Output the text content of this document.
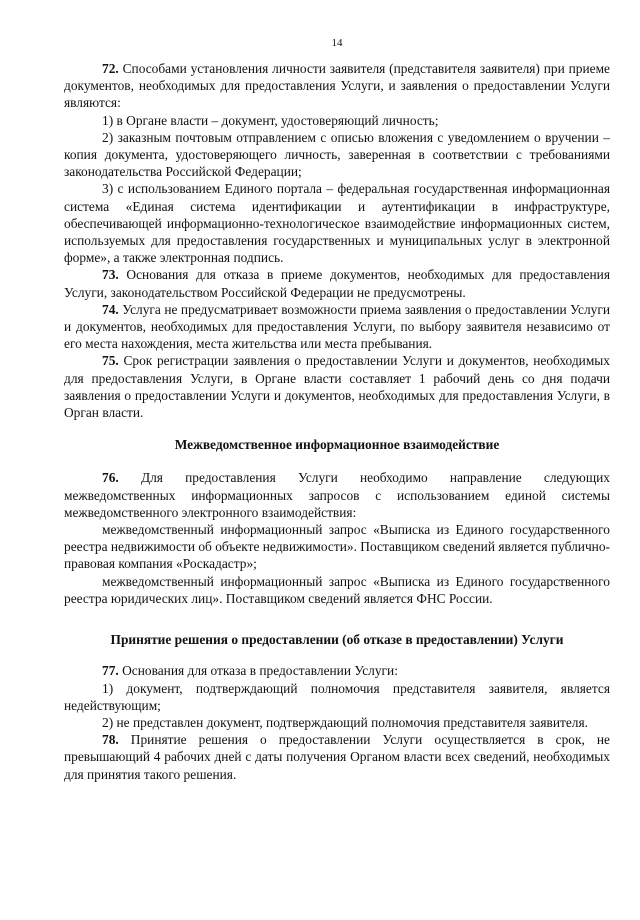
14

72. Способами установления личности заявителя (представителя заявителя) при приеме документов, необходимых для предоставления Услуги, и заявления о предоставлении Услуги являются:

1) в Органе власти – документ, удостоверяющий личность;

2) заказным почтовым отправлением с описью вложения с уведомлением о вручении – копия документа, удостоверяющего личность, заверенная в соответствии с требованиями законодательства Российской Федерации;

3) с использованием Единого портала – федеральная государственная информационная система «Единая система идентификации и аутентификации в инфраструктуре, обеспечивающей информационно-технологическое взаимодействие информационных систем, используемых для предоставления государственных и муниципальных услуг в электронной форме», а также электронная подпись.

73. Основания для отказа в приеме документов, необходимых для предоставления Услуги, законодательством Российской Федерации не предусмотрены.

74. Услуга не предусматривает возможности приема заявления о предоставлении Услуги и документов, необходимых для предоставления Услуги, по выбору заявителя независимо от его места нахождения, места жительства или места пребывания.

75. Срок регистрации заявления о предоставлении Услуги и документов, необходимых для предоставления Услуги, в Органе власти составляет 1 рабочий день со дня подачи заявления о предоставлении Услуги и документов, необходимых для предоставления Услуги, в Орган власти.

Межведомственное информационное взаимодействие

76. Для предоставления Услуги необходимо направление следующих межведомственных информационных запросов с использованием единой системы межведомственного электронного взаимодействия:

межведомственный информационный запрос «Выписка из Единого государственного реестра недвижимости об объекте недвижимости». Поставщиком сведений является публично-правовая компания «Роскадастр»;

межведомственный информационный запрос «Выписка из Единого государственного реестра юридических лиц». Поставщиком сведений является ФНС России.

Принятие решения о предоставлении (об отказе в предоставлении) Услуги

77. Основания для отказа в предоставлении Услуги:

1) документ, подтверждающий полномочия представителя заявителя, является недействующим;

2) не представлен документ, подтверждающий полномочия представителя заявителя.

78. Принятие решения о предоставлении Услуги осуществляется в срок, не превышающий 4 рабочих дней с даты получения Органом власти всех сведений, необходимых для принятия такого решения.
